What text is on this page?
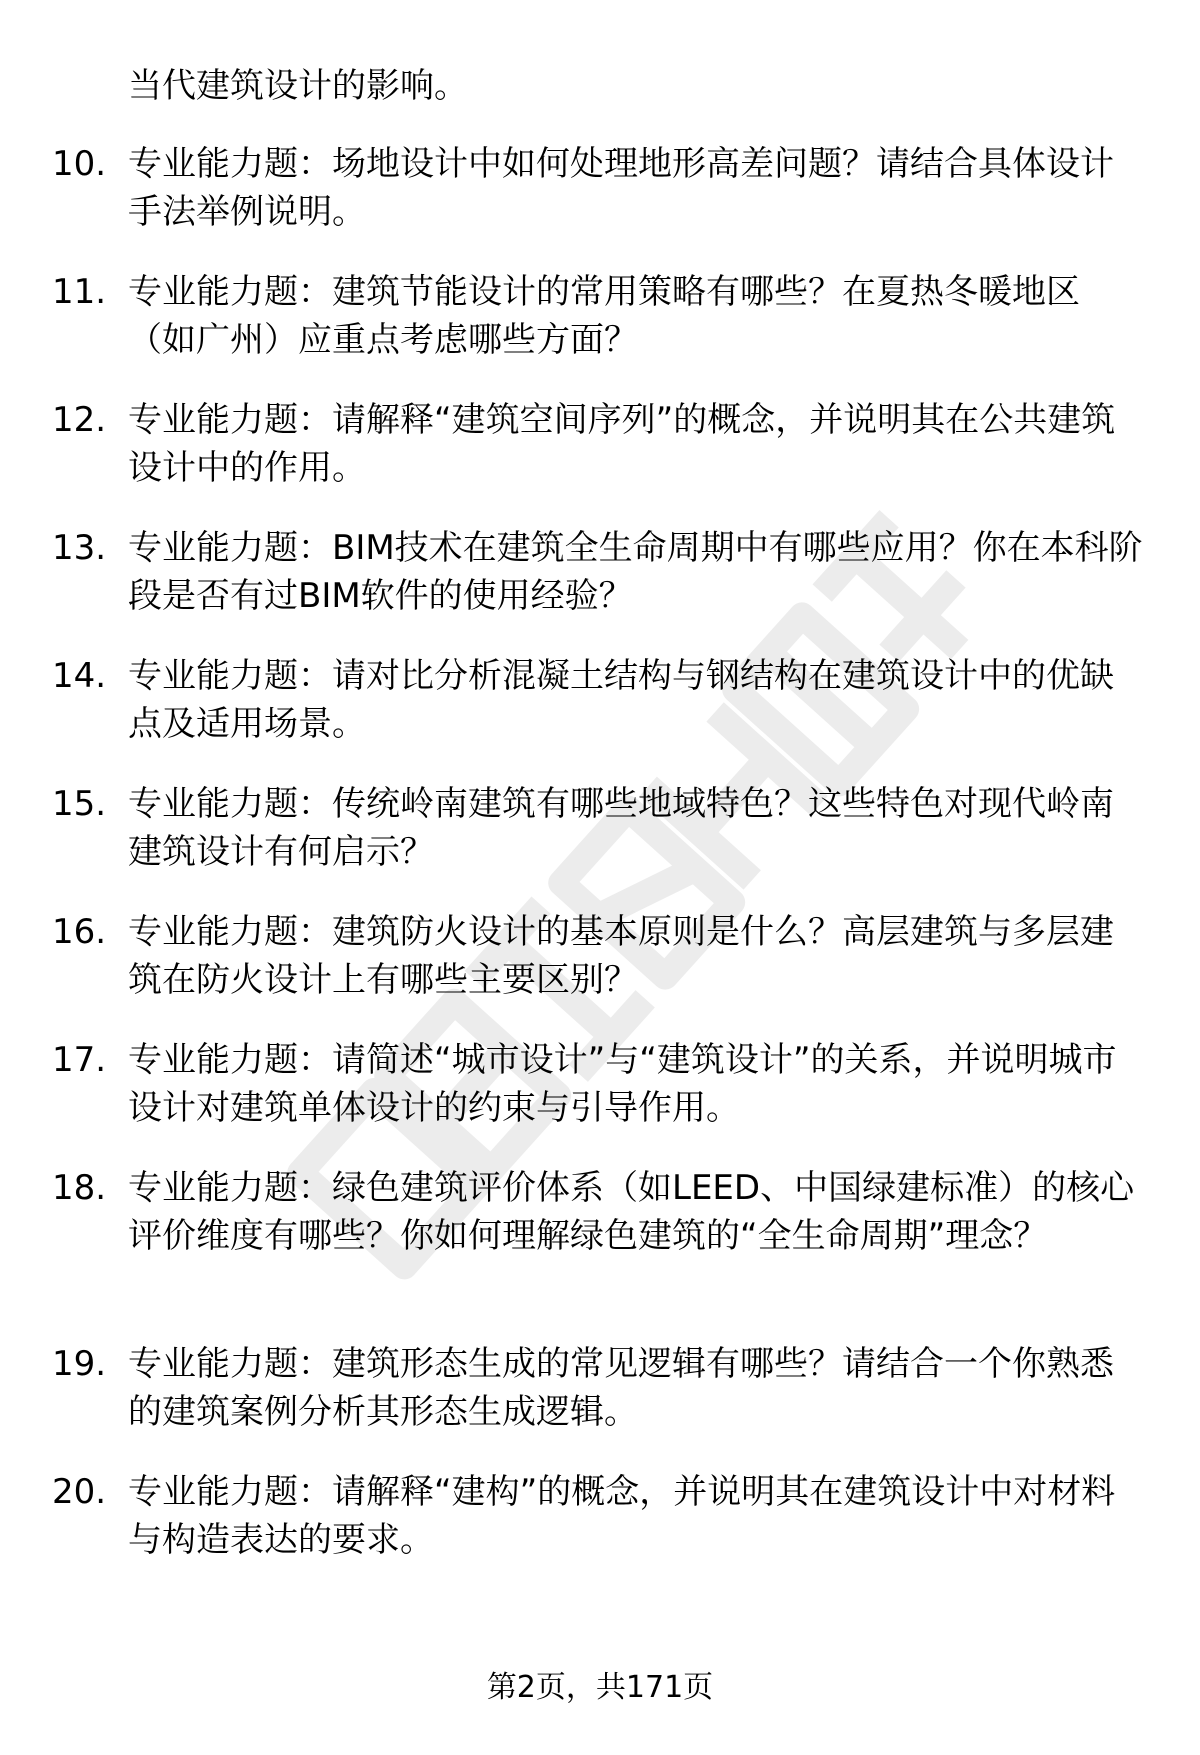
当代建筑设计的影响。
10. 专业能力题：场地设计中如何处理地形高差问题？请结合具体设计手法举例说明。
11. 专业能力题：建筑节能设计的常用策略有哪些？在夏热冬暖地区（如广州）应重点考虑哪些方面？
12. 专业能力题：请解释“建筑空间序列”的概念，并说明其在公共建筑设计中的作用。
13. 专业能力题：BIM技术在建筑全生命周期中有哪些应用？你在本科阶段是否有过BIM软件的使用经验？
14. 专业能力题：请对比分析混凝土结构与钢结构在建筑设计中的优缺点及适用场景。
15. 专业能力题：传统岭南建筑有哪些地域特色？这些特色对现代岭南建筑设计有何启示？
16. 专业能力题：建筑防火设计的基本原则是什么？高层建筑与多层建筑在防火设计上有哪些主要区别？
17. 专业能力题：请简述“城市设计”与“建筑设计”的关系，并说明城市设计对建筑单体设计的约束与引导作用。
18. 专业能力题：绿色建筑评价体系（如LEED、中国绿建标准）的核心评价维度有哪些？你如何理解绿色建筑的“全生命周期”理念？
19. 专业能力题：建筑形态生成的常见逻辑有哪些？请结合一个你熟悉的建筑案例分析其形态生成逻辑。
20. 专业能力题：请解释“建构”的概念，并说明其在建筑设计中对材料与构造表达的要求。
第2页，共171页
